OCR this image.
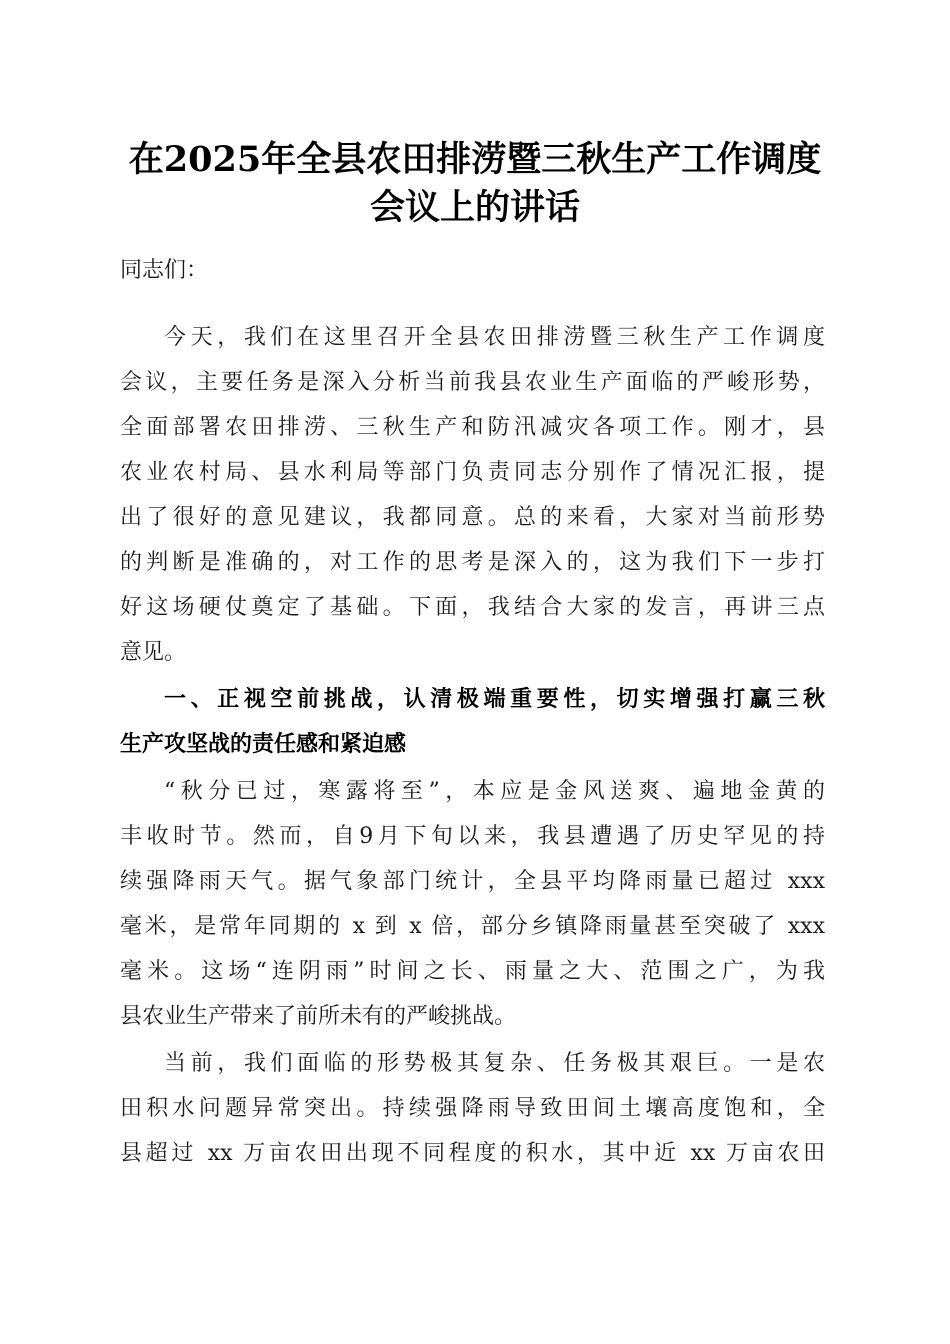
在2025年全县农田排涝暨三秋生产工作调度
会议上的讲话
同志们：
今天，我们在这里召开全县农田排涝暨三秋生产工作调度
会议，主要任务是深入分析当前我县农业生产面临的严峻形势，
全面部署农田排涝、三秋生产和防汛减灾各项工作。刚才，县
农业农村局、县水利局等部门负责同志分别作了情况汇报，提
出了很好的意见建议，我都同意。总的来看，大家对当前形势
的判断是准确的，对工作的思考是深入的，这为我们下一步打
好这场硬仗奠定了基础。下面，我结合大家的发言，再讲三点
意见。
一、正视空前挑战，认清极端重要性，切实增强打赢三秋
生产攻坚战的责任感和紧迫感
“秋分已过，寒露将至”，本应是金风送爽、遍地金黄的
丰收时节。然而，自9月下旬以来，我县遭遇了历史罕见的持
续强降雨天气。据气象部门统计，全县平均降雨量已超过 xxx
毫米，是常年同期的 x 到 x 倍，部分乡镇降雨量甚至突破了 xxx
毫米。这场“连阴雨”时间之长、雨量之大、范围之广，为我
县农业生产带来了前所未有的严峻挑战。
当前，我们面临的形势极其复杂、任务极其艰巨。一是农
田积水问题异常突出。持续强降雨导致田间土壤高度饱和，全
县超过 xx 万亩农田出现不同程度的积水，其中近 xx 万亩农田
